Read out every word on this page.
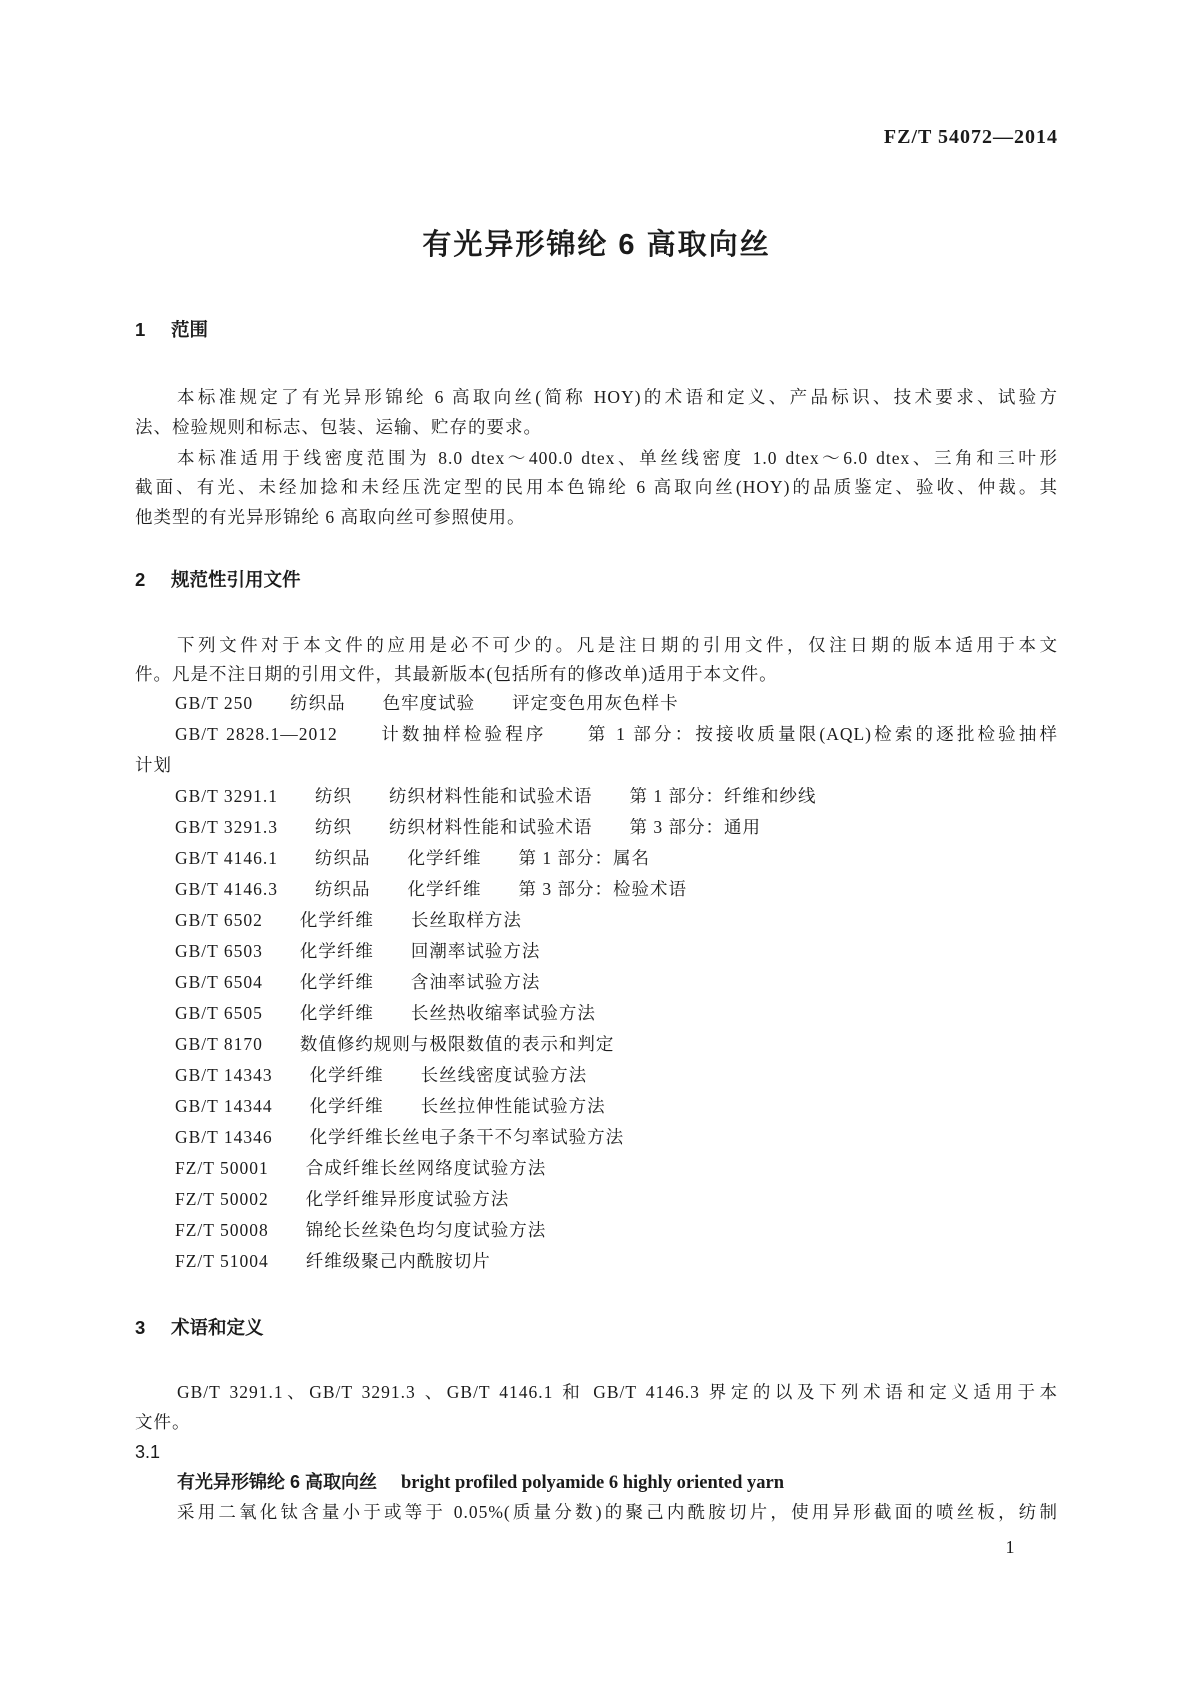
FZ/T 54072—2014
有光异形锦纶 6 高取向丝
1 范围
本标准规定了有光异形锦纶 6 高取向丝(简称 HOY)的术语和定义、产品标识、技术要求、试验方
法、检验规则和标志、包装、运输、贮存的要求。
本标准适用于线密度范围为 8.0 dtex～400.0 dtex、单丝线密度 1.0 dtex～6.0 dtex、三角和三叶形
截面、有光、未经加捻和未经压洗定型的民用本色锦纶 6 高取向丝(HOY)的品质鉴定、验收、仲裁。其
他类型的有光异形锦纶 6 高取向丝可参照使用。
2 规范性引用文件
下列文件对于本文件的应用是必不可少的。凡是注日期的引用文件，仅注日期的版本适用于本文
件。凡是不注日期的引用文件，其最新版本(包括所有的修改单)适用于本文件。
GB/T 250　　纺织品　　色牢度试验　　评定变色用灰色样卡
GB/T 2828.1—2012　　计数抽样检验程序　　第 1 部分：按接收质量限(AQL)检索的逐批检验抽样
计划
GB/T 3291.1　　纺织　　纺织材料性能和试验术语　　第 1 部分：纤维和纱线
GB/T 3291.3　　纺织　　纺织材料性能和试验术语　　第 3 部分：通用
GB/T 4146.1　　纺织品　　化学纤维　　第 1 部分：属名
GB/T 4146.3　　纺织品　　化学纤维　　第 3 部分：检验术语
GB/T 6502　　化学纤维　　长丝取样方法
GB/T 6503　　化学纤维　　回潮率试验方法
GB/T 6504　　化学纤维　　含油率试验方法
GB/T 6505　　化学纤维　　长丝热收缩率试验方法
GB/T 8170　　数值修约规则与极限数值的表示和判定
GB/T 14343　　化学纤维　　长丝线密度试验方法
GB/T 14344　　化学纤维　　长丝拉伸性能试验方法
GB/T 14346　　化学纤维长丝电子条干不匀率试验方法
FZ/T 50001　　合成纤维长丝网络度试验方法
FZ/T 50002　　化学纤维异形度试验方法
FZ/T 50008　　锦纶长丝染色均匀度试验方法
FZ/T 51004　　纤维级聚己内酰胺切片
3 术语和定义
GB/T 3291.1、GB/T 3291.3 、GB/T 4146.1 和 GB/T 4146.3 界定的以及下列术语和定义适用于本
文件。
3.1
有光异形锦纶 6 高取向丝 bright profiled polyamide 6 highly oriented yarn
采用二氧化钛含量小于或等于 0.05%(质量分数)的聚己内酰胺切片，使用异形截面的喷丝板，纺制
1
